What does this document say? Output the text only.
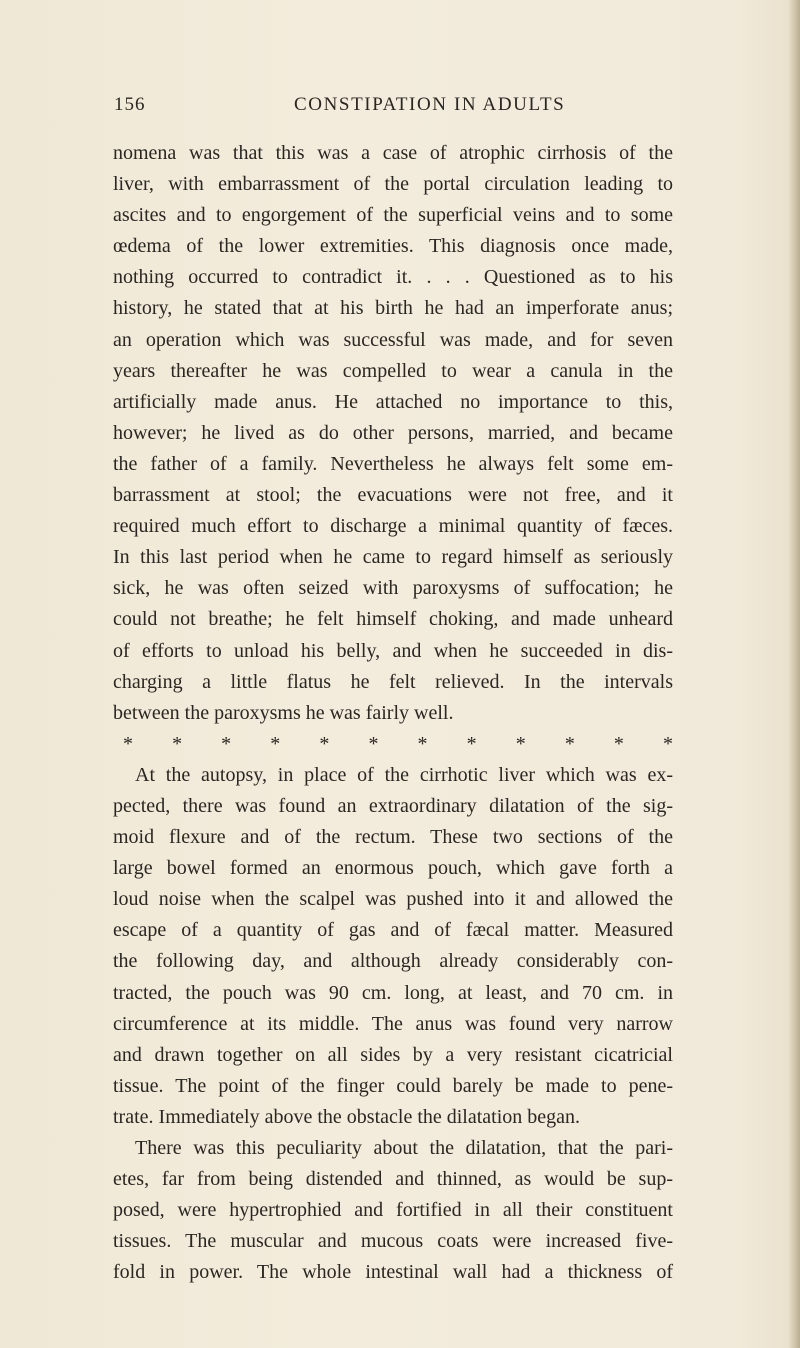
156	CONSTIPATION IN ADULTS
nomena was that this was a case of atrophic cirrhosis of the
liver, with embarrassment of the portal circulation leading to
ascites and to engorgement of the superficial veins and to some
œdema of the lower extremities. This diagnosis once made,
nothing occurred to contradict it. . . . Questioned as to his
history, he stated that at his birth he had an imperforate anus;
an operation which was successful was made, and for seven
years thereafter he was compelled to wear a canula in the
artificially made anus. He attached no importance to this,
however; he lived as do other persons, married, and became
the father of a family. Nevertheless he always felt some em-
barrassment at stool; the evacuations were not free, and it
required much effort to discharge a minimal quantity of fæces.
In this last period when he came to regard himself as seriously
sick, he was often seized with paroxysms of suffocation; he
could not breathe; he felt himself choking, and made unheard
of efforts to unload his belly, and when he succeeded in dis-
charging a little flatus he felt relieved. In the intervals
between the paroxysms he was fairly well.
* * * * * * * * * * * *
At the autopsy, in place of the cirrhotic liver which was ex-
pected, there was found an extraordinary dilatation of the sig-
moid flexure and of the rectum. These two sections of the
large bowel formed an enormous pouch, which gave forth a
loud noise when the scalpel was pushed into it and allowed the
escape of a quantity of gas and of fæcal matter. Measured
the following day, and although already considerably con-
tracted, the pouch was 90 cm. long, at least, and 70 cm. in
circumference at its middle. The anus was found very narrow
and drawn together on all sides by a very resistant cicatricial
tissue. The point of the finger could barely be made to pene-
trate. Immediately above the obstacle the dilatation began.
There was this peculiarity about the dilatation, that the pari-
etes, far from being distended and thinned, as would be sup-
posed, were hypertrophied and fortified in all their constituent
tissues. The muscular and mucous coats were increased five-
fold in power. The whole intestinal wall had a thickness of
